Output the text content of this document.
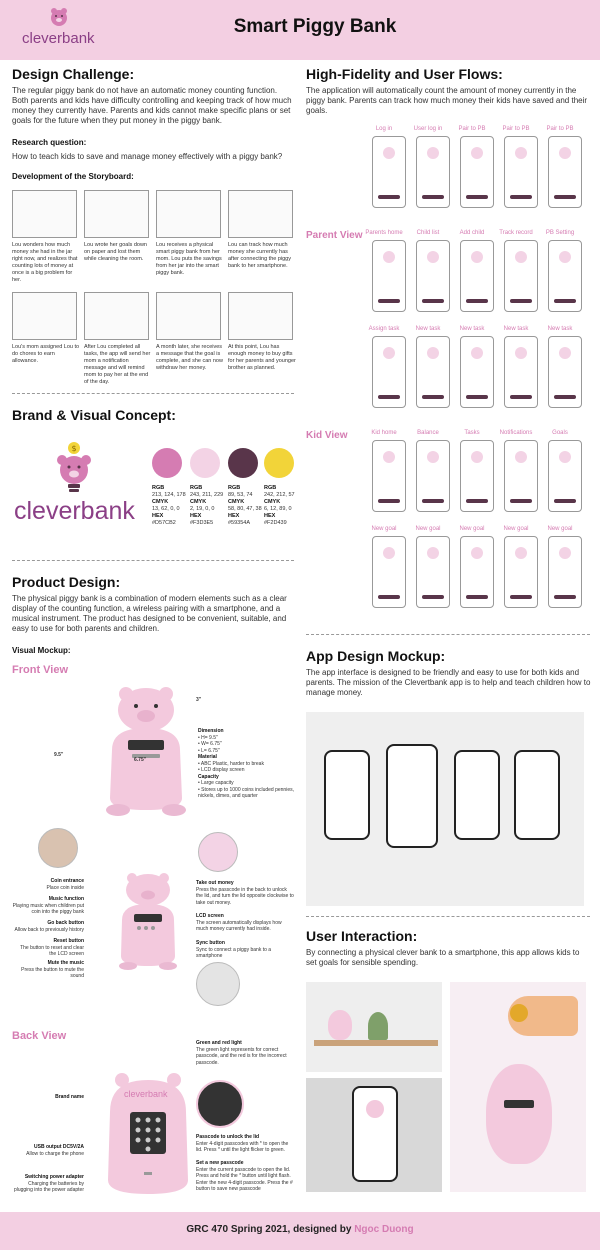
cleverbank
Smart Piggy Bank
Design Challenge:
The regular piggy bank do not have an automatic money counting function. Both parents and kids have difficulty controlling and keeping track of how much money they currently have. Parents and kids cannot make specific plans or set goals for the future when they put money in the piggy bank.
Research question:
How to teach kids to save and manage money effectively with a piggy bank?
Development of the Storyboard:
Lou wonders how much money she had in the jar right now, and realizes that counting lots of money at once is a big problem for her.
Lou wrote her goals down on paper and lost them while cleaning the room.
Lou receives a physical smart piggy bank from her mom. Lou puts the savings from her jar into the smart piggy bank.
Lou can track how much money she currently has after connecting the piggy bank to her smartphone.
Lou's mom assigned Lou to do chores to earn allowance.
After Lou completed all tasks, the app will send her mom a notification message and will remind mom to pay her at the end of the day.
A month later, she receives a message that the goal is complete, and she can now withdraw her money.
At this point, Lou has enough money to buy gifts for her parents and younger brother as planned.
Brand & Visual Concept:
$
cleverbank
RGB
213, 124, 178
CMYK
13, 62, 0, 0
HEX
#D57CB2
RGB
243, 211, 229
CMYK
2, 19, 0, 0
HEX
#F3D3E5
RGB
89, 53, 74
CMYK
58, 80, 47, 38
HEX
#59354A
RGB
242, 212, 57
CMYK
6, 12, 89, 0
HEX
#F2D439
Product Design:
The physical piggy bank is a combination of modern elements such as a clear display of the counting function, a wireless pairing with a smartphone, and a musical instrument. The product has designed to be convenient, suitable, and easy to use for both parents and children.
Visual Mockup:
Front View
3"
9.5"
6.75"
Dimension
• H= 9.5"
• W= 6.75"
• L= 6.75"
Material
• ABC Plastic, harder to break
• LCD display screen
Capacity
• Large capacity
• Stores up to 1000 coins included pennies, nickels, dimes, and quarter
Coin entrance
Place coin inside
Music function
Playing music when children put coin into the piggy bank
Go back button
Allow back to previously history
Reset button
The button to reset and clear the LCD screen
Mute the music
Press the button to mute the sound
Take out money
Press the passcode in the back to unlock the lid, and turn the lid opposite clockwise to take out money.
LCD screen
The screen automatically displays how much money currently had inside.
Sync button
Sync to connect a piggy bank to a smartphone
Back View
cleverbank
Brand name
USB output DC5V/2A
Allow to charge the phone
Switching power adapter
Charging the batteries by plugging into the power adapter
Green and red light
The green light represents for correct passcode, and the red is for the incorrect passcode.
Passcode to unlock the lid
Enter 4-digit passcodes with * to open the lid. Press * until the light flicker to green.
Set a new passcode
Enter the current passcode to open the lid. Press and hold the * button until light flash. Enter the new 4-digit passcode. Press the # button to save new passcode
High-Fidelity and User Flows:
The application will automatically count the amount of money currently in the piggy bank. Parents can track how much money their kids have saved and their goals.
Log in	User log in	Pair to PB	Pair to PB	Pair to PB
Parents home	Child list	Add child	Track record	PB Setting
Assign task	New task	New task	New task	New task
Kid home	Balance	Tasks	Notifications	Goals
New goal	New goal	New goal	New goal	New goal
Parent View
Kid View
App Design Mockup:
The app interface is designed to be friendly and easy to use for both kids and parents. The mission of the Clevertbank app is to help and teach children how to manage money.
User Interaction:
By connecting a physical clever bank to a smartphone, this app allows kids to set goals for sensible spending.
GRC 470 Spring 2021, designed by Ngoc Duong
